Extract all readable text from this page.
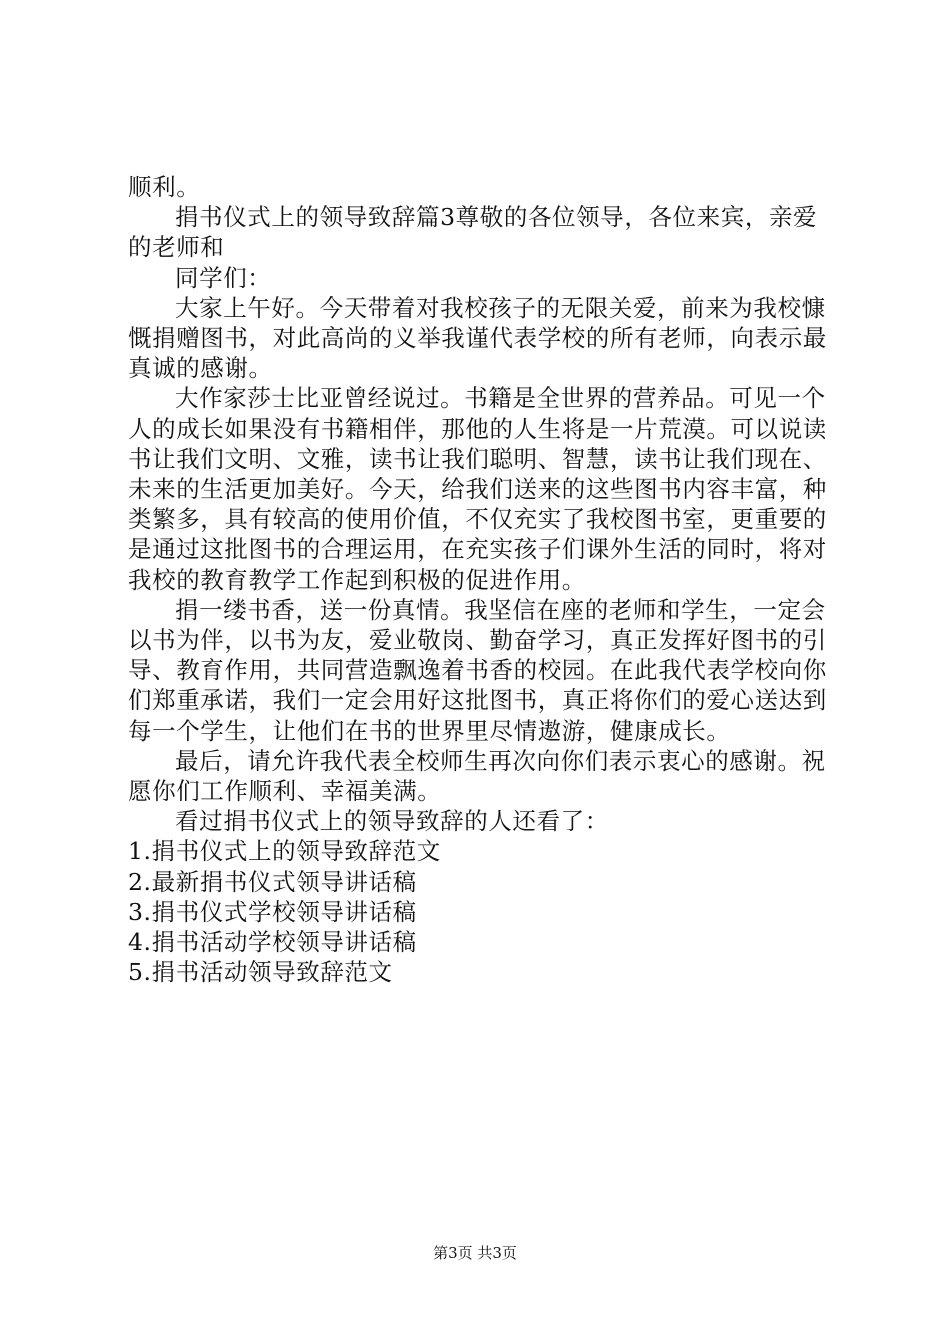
顺利。

捐书仪式上的领导致辞篇3尊敬的各位领导，各位来宾，亲爱的老师和

同学们：

大家上午好。今天带着对我校孩子的无限关爱，前来为我校慷慨捐赠图书，对此高尚的义举我谨代表学校的所有老师，向表示最真诚的感谢。

大作家莎士比亚曾经说过。书籍是全世界的营养品。可见一个人的成长如果没有书籍相伴，那他的人生将是一片荒漠。可以说读书让我们文明、文雅，读书让我们聪明、智慧，读书让我们现在、未来的生活更加美好。今天，给我们送来的这些图书内容丰富，种类繁多，具有较高的使用价值，不仅充实了我校图书室，更重要的是通过这批图书的合理运用，在充实孩子们课外生活的同时，将对我校的教育教学工作起到积极的促进作用。

捐一缕书香，送一份真情。我坚信在座的老师和学生，一定会以书为伴，以书为友，爱业敬岗、勤奋学习，真正发挥好图书的引导、教育作用，共同营造飘逸着书香的校园。在此我代表学校向你们郑重承诺，我们一定会用好这批图书，真正将你们的爱心送达到每一个学生，让他们在书的世界里尽情遨游，健康成长。

最后，请允许我代表全校师生再次向你们表示衷心的感谢。祝愿你们工作顺利、幸福美满。

看过捐书仪式上的领导致辞的人还看了：

1.捐书仪式上的领导致辞范文

2.最新捐书仪式领导讲话稿

3.捐书仪式学校领导讲话稿

4.捐书活动学校领导讲话稿

5.捐书活动领导致辞范文

第3页 共3页
